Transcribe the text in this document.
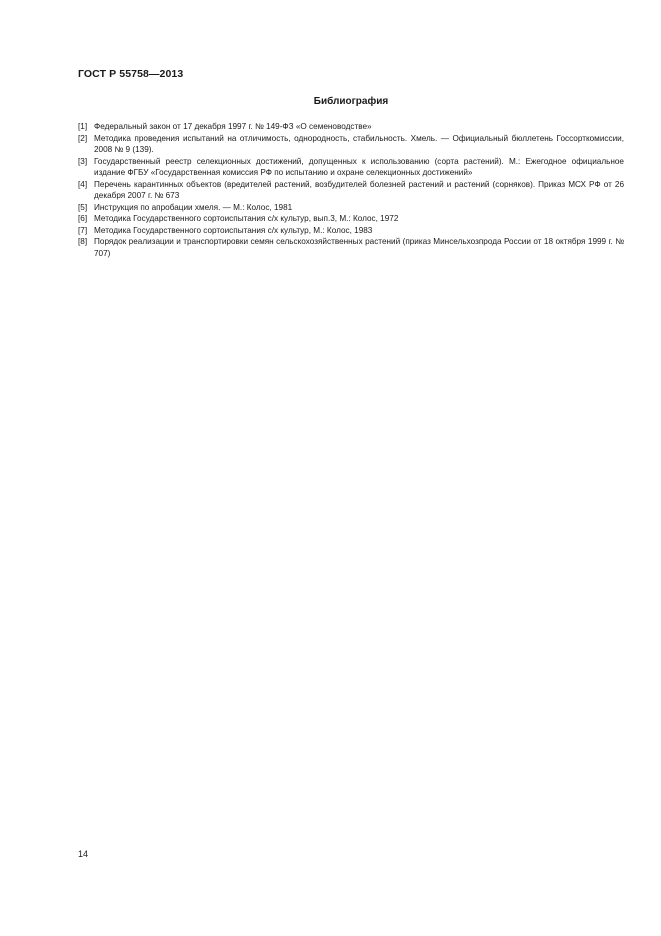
ГОСТ Р 55758—2013
Библиография
[1] Федеральный закон от 17 декабря 1997 г. № 149-ФЗ «О семеноводстве»
[2] Методика проведения испытаний на отличимость, однородность, стабильность. Хмель. — Официальный бюллетень Госсорткомиссии, 2008 № 9 (139).
[3] Государственный реестр селекционных достижений, допущенных к использованию (сорта растений). М.: Ежегодное официальное издание ФГБУ «Государственная комиссия РФ по испытанию и охране селекционных достижений»
[4] Перечень карантинных объектов (вредителей растений, возбудителей болезней растений и растений (сорняков). Приказ МСХ РФ от 26 декабря 2007 г. № 673
[5] Инструкция по апробации хмеля. — М.: Колос, 1981
[6] Методика Государственного сортоиспытания с/х культур, вып.3, М.: Колос, 1972
[7] Методика Государственного сортоиспытания с/х культур, М.: Колос, 1983
[8] Порядок реализации и транспортировки семян сельскохозяйственных растений (приказ Минсельхозпрода России от 18 октября 1999 г. № 707)
14
